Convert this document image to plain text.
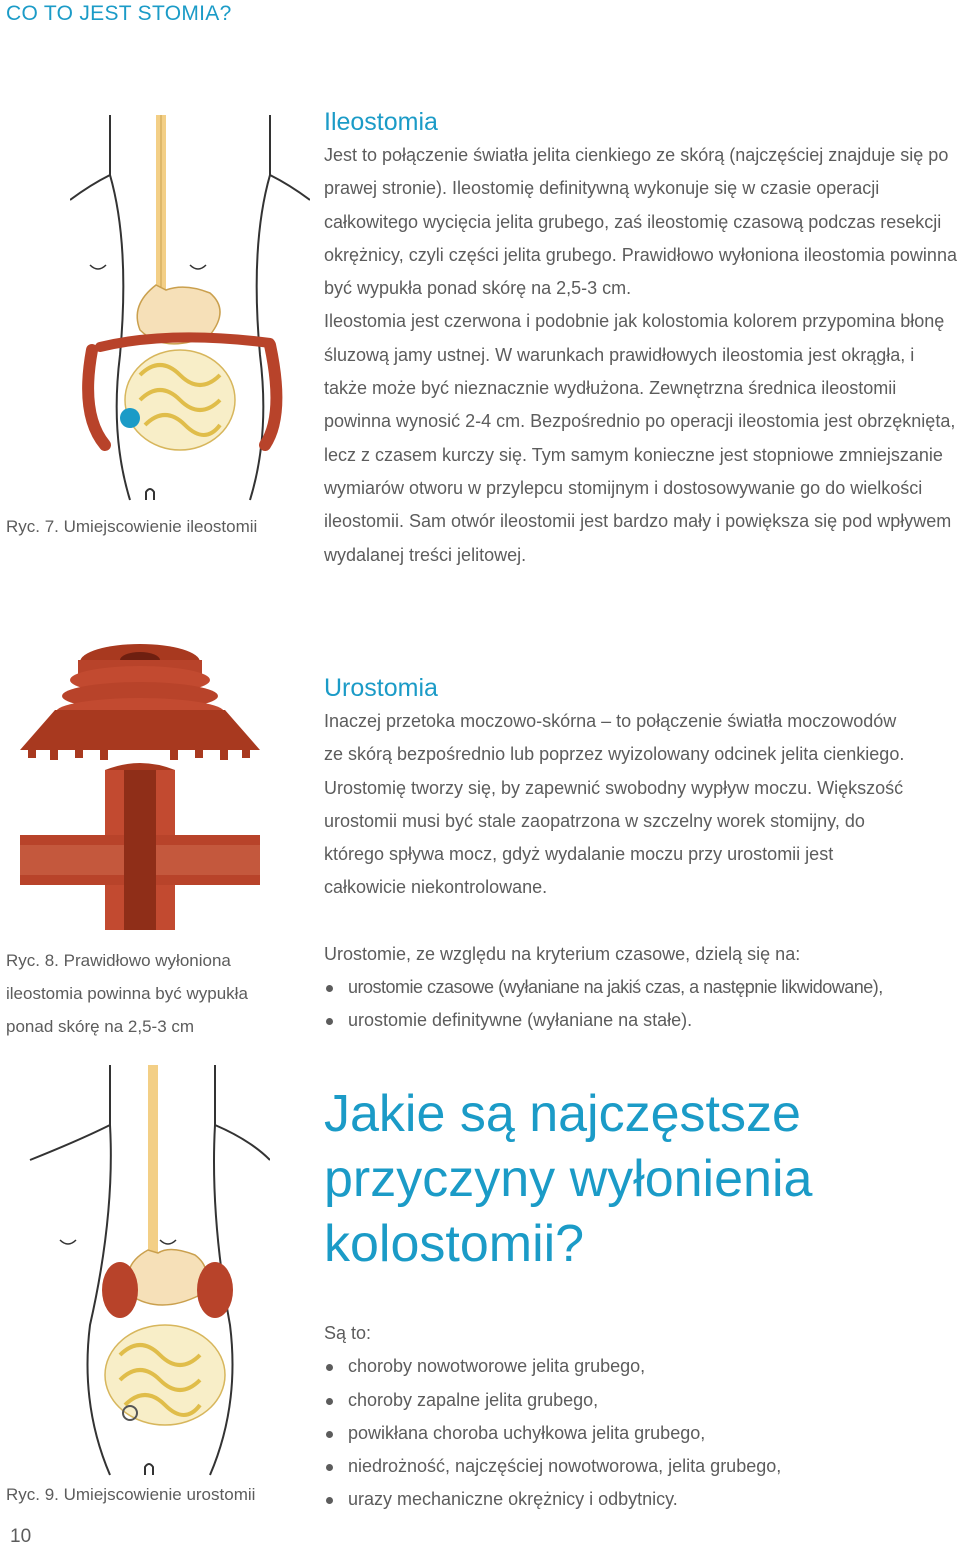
CO TO JEST STOMIA?
Ryc. 7. Umiejscowienie ileostomii
Ryc. 8. Prawidłowo wyłoniona ileostomia powinna być wypukła ponad skórę na 2,5-3 cm
Ryc. 9. Umiejscowienie urostomii
10
Ileostomia

Jest to połączenie światła jelita cienkiego ze skórą (najczęściej znajduje się po prawej stronie). Ileostomię definitywną wykonuje się w czasie operacji całkowitego wycięcia jelita grubego, zaś ileostomię czasową podczas resekcji okrężnicy, czyli części jelita grubego. Prawidłowo wyłoniona ileostomia powinna być wypukła ponad skórę na 2,5-3 cm.

Ileostomia jest czerwona i podobnie jak kolostomia kolorem przypomina błonę śluzową jamy ustnej. W warunkach prawidłowych ileostomia jest okrągła, i także może być nieznacznie wydłużona. Zewnętrzna średnica ileostomii powinna wynosić 2-4 cm. Bezpośrednio po operacji ileostomia jest obrzęknięta, lecz z czasem kurczy się. Tym samym konieczne jest stopniowe zmniejszanie wymiarów otworu w przylepcu stomijnym i dostosowywanie go do wielkości ileostomii. Sam otwór ileostomii jest bardzo mały i powiększa się pod wpływem wydalanej treści jelitowej.

Urostomia

Inaczej przetoka moczowo-skórna – to połączenie światła moczowodów ze skórą bezpośrednio lub poprzez wyizolowany odcinek jelita cienkiego. Urostomię tworzy się, by zapewnić swobodny wypływ moczu. Większość urostomii musi być stale zaopatrzona w szczelny worek stomijny, do którego spływa mocz, gdyż wydalanie moczu przy urostomii jest całkowicie niekontrolowane.

Urostomie, ze względu na kryterium czasowe, dzielą się na:

urostomie czasowe (wyłaniane na jakiś czas, a następnie likwidowane),
urostomie definitywne (wyłaniane na stałe).
Jakie są najczęstsze przyczyny wyłonienia kolostomii?

Są to:

choroby nowotworowe jelita grubego,
choroby zapalne jelita grubego,
powikłana choroba uchyłkowa jelita grubego,
niedrożność, najczęściej nowotworowa, jelita grubego,
urazy mechaniczne okrężnicy i odbytnicy.
